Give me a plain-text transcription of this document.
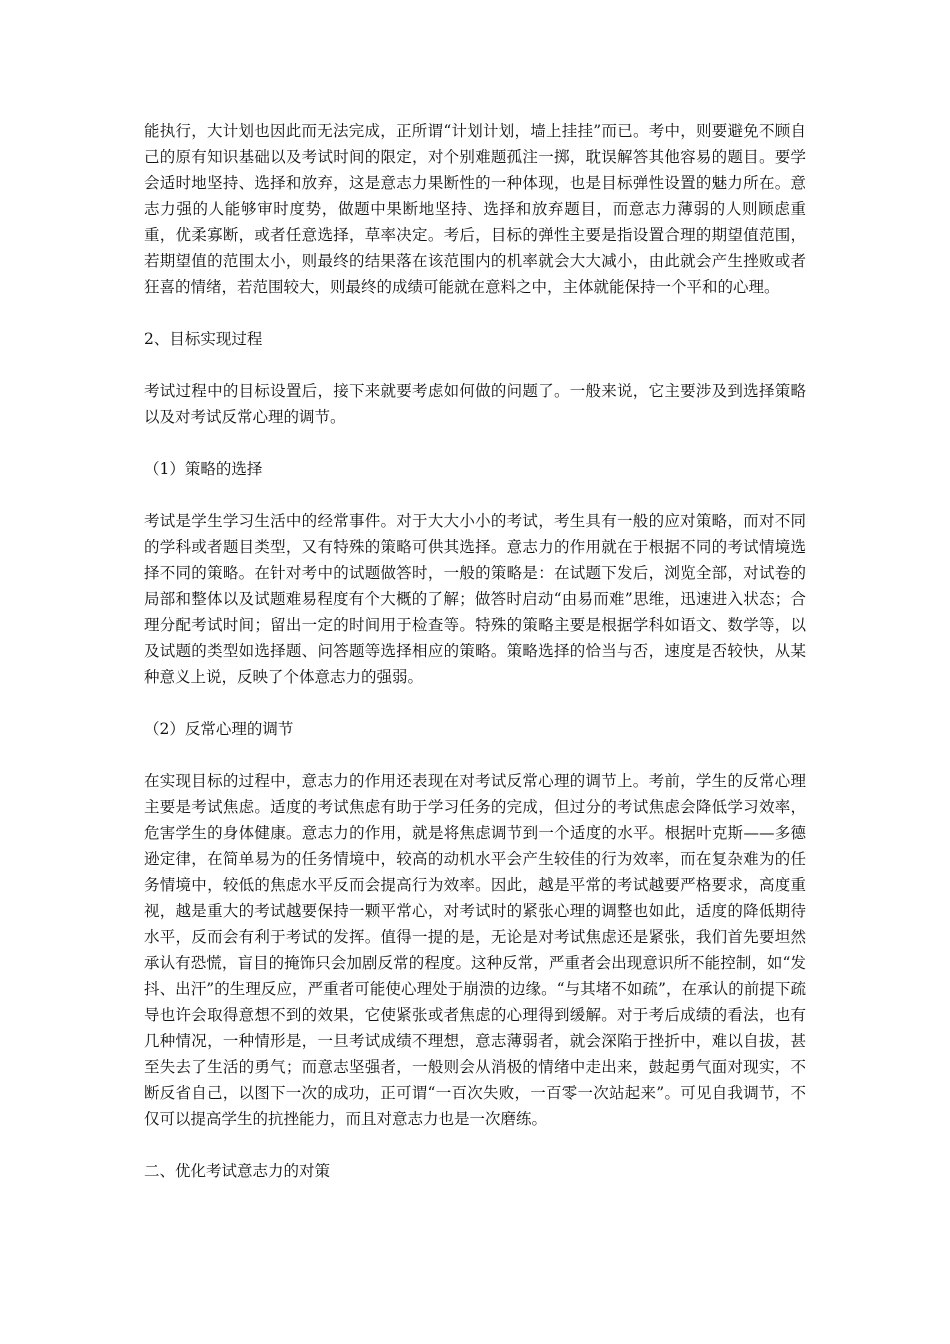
能执行，大计划也因此而无法完成，正所谓“计划计划，墙上挂挂”而已。考中，则要避免不顾自己的原有知识基础以及考试时间的限定，对个别难题孤注一掷，耽误解答其他容易的题目。要学会适时地坚持、选择和放弃，这是意志力果断性的一种体现，也是目标弹性设置的魅力所在。意志力强的人能够审时度势，做题中果断地坚持、选择和放弃题目，而意志力薄弱的人则顾虑重重，优柔寡断，或者任意选择，草率决定。考后，目标的弹性主要是指设置合理的期望值范围，若期望值的范围太小，则最终的结果落在该范围内的机率就会大大减小，由此就会产生挫败或者狂喜的情绪，若范围较大，则最终的成绩可能就在意料之中，主体就能保持一个平和的心理。

2、目标实现过程

考试过程中的目标设置后，接下来就要考虑如何做的问题了。一般来说，它主要涉及到选择策略以及对考试反常心理的调节。

（1）策略的选择

考试是学生学习生活中的经常事件。对于大大小小的考试，考生具有一般的应对策略，而对不同的学科或者题目类型，又有特殊的策略可供其选择。意志力的作用就在于根据不同的考试情境选择不同的策略。在针对考中的试题做答时，一般的策略是：在试题下发后，浏览全部，对试卷的局部和整体以及试题难易程度有个大概的了解；做答时启动“由易而难”思维，迅速进入状态；合理分配考试时间；留出一定的时间用于检查等。特殊的策略主要是根据学科如语文、数学等，以及试题的类型如选择题、问答题等选择相应的策略。策略选择的恰当与否，速度是否较快，从某种意义上说，反映了个体意志力的强弱。

（2）反常心理的调节

在实现目标的过程中，意志力的作用还表现在对考试反常心理的调节上。考前，学生的反常心理主要是考试焦虑。适度的考试焦虑有助于学习任务的完成，但过分的考试焦虑会降低学习效率，危害学生的身体健康。意志力的作用，就是将焦虑调节到一个适度的水平。根据叶克斯——多德逊定律，在简单易为的任务情境中，较高的动机水平会产生较佳的行为效率，而在复杂难为的任务情境中，较低的焦虑水平反而会提高行为效率。因此，越是平常的考试越要严格要求，高度重视，越是重大的考试越要保持一颗平常心，对考试时的紧张心理的调整也如此，适度的降低期待水平，反而会有利于考试的发挥。值得一提的是，无论是对考试焦虑还是紧张，我们首先要坦然承认有恐慌，盲目的掩饰只会加剧反常的程度。这种反常，严重者会出现意识所不能控制，如“发抖、出汗”的生理反应，严重者可能使心理处于崩溃的边缘。“与其堵不如疏”，在承认的前提下疏导也许会取得意想不到的效果，它使紧张或者焦虑的心理得到缓解。对于考后成绩的看法，也有几种情况，一种情形是，一旦考试成绩不理想，意志薄弱者，就会深陷于挫折中，难以自拔，甚至失去了生活的勇气；而意志坚强者，一般则会从消极的情绪中走出来，鼓起勇气面对现实，不断反省自己，以图下一次的成功，正可谓“一百次失败，一百零一次站起来”。可见自我调节，不仅可以提高学生的抗挫能力，而且对意志力也是一次磨练。

二、优化考试意志力的对策
